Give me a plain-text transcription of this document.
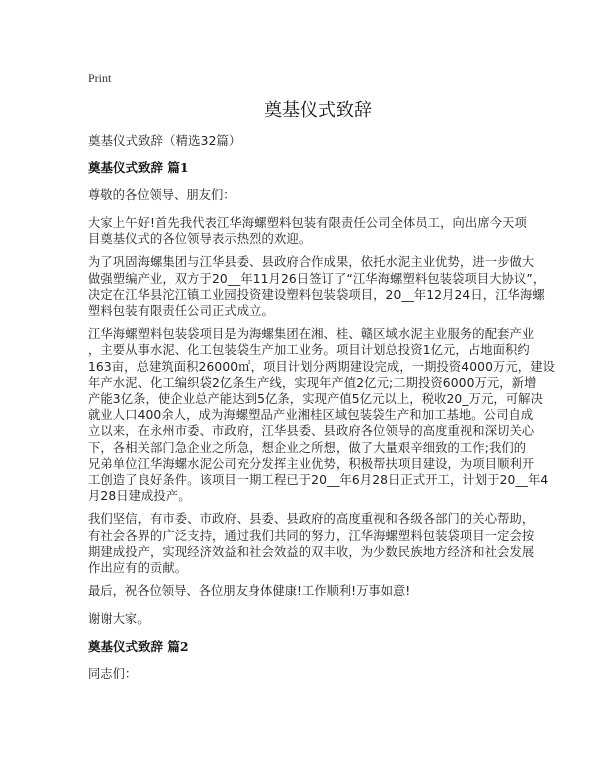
Print
奠基仪式致辞
奠基仪式致辞（精选32篇）
奠基仪式致辞 篇1
尊敬的各位领导、朋友们：
大家上午好!首先我代表江华海螺塑料包装有限责任公司全体员工，向出席今天项
目奠基仪式的各位领导表示热烈的欢迎。
为了巩固海螺集团与江华县委、县政府合作成果，依托水泥主业优势，进一步做大
做强塑编产业，双方于20__年11月26日签订了“江华海螺塑料包装袋项目大协议”，
决定在江华县沱江镇工业园投资建设塑料包装袋项目，20__年12月24日，江华海螺
塑料包装有限责任公司正式成立。
江华海螺塑料包装袋项目是为海螺集团在湘、桂、赣区域水泥主业服务的配套产业
，主要从事水泥、化工包装袋生产加工业务。项目计划总投资1亿元，占地面积约
163亩，总建筑面积26000㎡，项目计划分两期建设完成，一期投资4000万元，建设
年产水泥、化工编织袋2亿条生产线，实现年产值2亿元;二期投资6000万元，新增
产能3亿条，使企业总产能达到5亿条，实现产值5亿元以上，税收20_万元，可解决
就业人口400余人，成为海螺塑品产业湘桂区域包装袋生产和加工基地。公司自成
立以来，在永州市委、市政府，江华县委、县政府各位领导的高度重视和深切关心
下，各相关部门急企业之所急，想企业之所想，做了大量艰辛细致的工作;我们的
兄弟单位江华海螺水泥公司充分发挥主业优势，积极帮扶项目建设，为项目顺利开
工创造了良好条件。该项目一期工程已于20__年6月28日正式开工，计划于20__年4
月28日建成投产。
我们坚信，有市委、市政府、县委、县政府的高度重视和各级各部门的关心帮助，
有社会各界的广泛支持，通过我们共同的努力，江华海螺塑料包装袋项目一定会按
期建成投产，实现经济效益和社会效益的双丰收，为少数民族地方经济和社会发展
作出应有的贡献。
最后，祝各位领导、各位朋友身体健康!工作顺利!万事如意!
谢谢大家。
奠基仪式致辞 篇2
同志们：
